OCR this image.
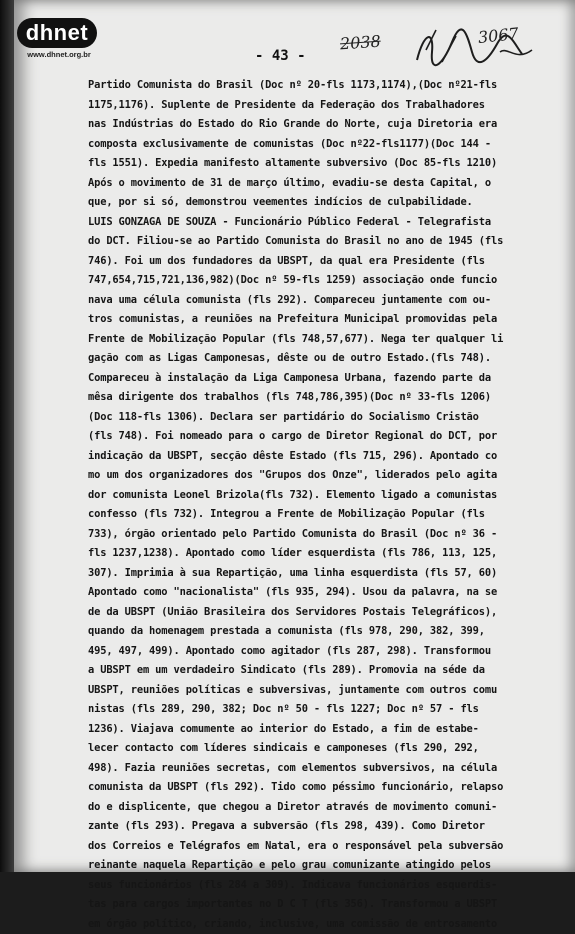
dhnet
www.dhnet.org.br	- 43 -
2038	3067
Partido Comunista do Brasil (Doc nº 20-fls 1173,1174),(Doc nº21-fls
1175,1176). Suplente de Presidente da Federação dos Trabalhadores
nas Indústrias do Estado do Rio Grande do Norte, cuja Diretoria era
composta exclusivamente de comunistas (Doc nº22-fls1177)(Doc 144 -
fls 1551). Expedia manifesto altamente subversivo (Doc 85-fls 1210)
Após o movimento de 31 de março último, evadiu-se desta Capital, o
que, por si só, demonstrou veementes indícios de culpabilidade.
LUIS GONZAGA DE SOUZA - Funcionário Público Federal - Telegrafista
do DCT. Filiou-se ao Partido Comunista do Brasil no ano de 1945 (fls
746). Foi um dos fundadores da UBSPT, da qual era Presidente (fls
747,654,715,721,136,982)(Doc nº 59-fls 1259) associação onde funcio
nava uma célula comunista (fls 292). Compareceu juntamente com ou-
tros comunistas, a reuniões na Prefeitura Municipal promovidas pela
Frente de Mobilização Popular (fls 748,57,677). Nega ter qualquer li
gação com as Ligas Camponesas, dêste ou de outro Estado.(fls 748).
Compareceu à instalação da Liga Camponesa Urbana, fazendo parte da
mêsa dirigente dos trabalhos (fls 748,786,395)(Doc nº 33-fls 1206)
(Doc 118-fls 1306). Declara ser partidário do Socialismo Cristão
(fls 748). Foi nomeado para o cargo de Diretor Regional do DCT, por
indicação da UBSPT, secção dêste Estado (fls 715, 296). Apontado co
mo um dos organizadores dos "Grupos dos Onze", liderados pelo agita
dor comunista Leonel Brizola(fls 732). Elemento ligado a comunistas
confesso (fls 732). Integrou a Frente de Mobilização Popular (fls
733), órgão orientado pelo Partido Comunista do Brasil (Doc nº 36 -
fls 1237,1238). Apontado como líder esquerdista (fls 786, 113, 125,
307). Imprimia à sua Repartição, uma linha esquerdista (fls 57, 60)
Apontado como "nacionalista" (fls 935, 294). Usou da palavra, na se
de da UBSPT (União Brasileira dos Servidores Postais Telegráficos),
quando da homenagem prestada a comunista (fls 978, 290, 382, 399,
495, 497, 499). Apontado como agitador (fls 287, 298). Transformou
a UBSPT em um verdadeiro Sindicato (fls 289). Promovia na séde da
UBSPT, reuniões políticas e subversivas, juntamente com outros comu
nistas (fls 289, 290, 382; Doc nº 50 - fls 1227; Doc nº 57 - fls
1236). Viajava comumente ao interior do Estado, a fim de estabe-
lecer contacto com líderes sindicais e camponeses (fls 290, 292,
498). Fazia reuniões secretas, com elementos subversivos, na célula
comunista da UBSPT (fls 292). Tido como péssimo funcionário, relapso
do e displicente, que chegou a Diretor através de movimento comuni-
zante (fls 293). Pregava a subversão (fls 298, 439). Como Diretor
dos Correios e Telégrafos em Natal, era o responsável pela subversão
reinante naquela Repartição e pelo grau comunizante atingido pelos
seus funcionários (fls 284 a 309). Indicava funcionários esquerdis-
tas para cargos importantes no D C T (fls 356). Transformou a UBSPT
em órgão político, criando, inclusive, uma comissão de entrosamento
